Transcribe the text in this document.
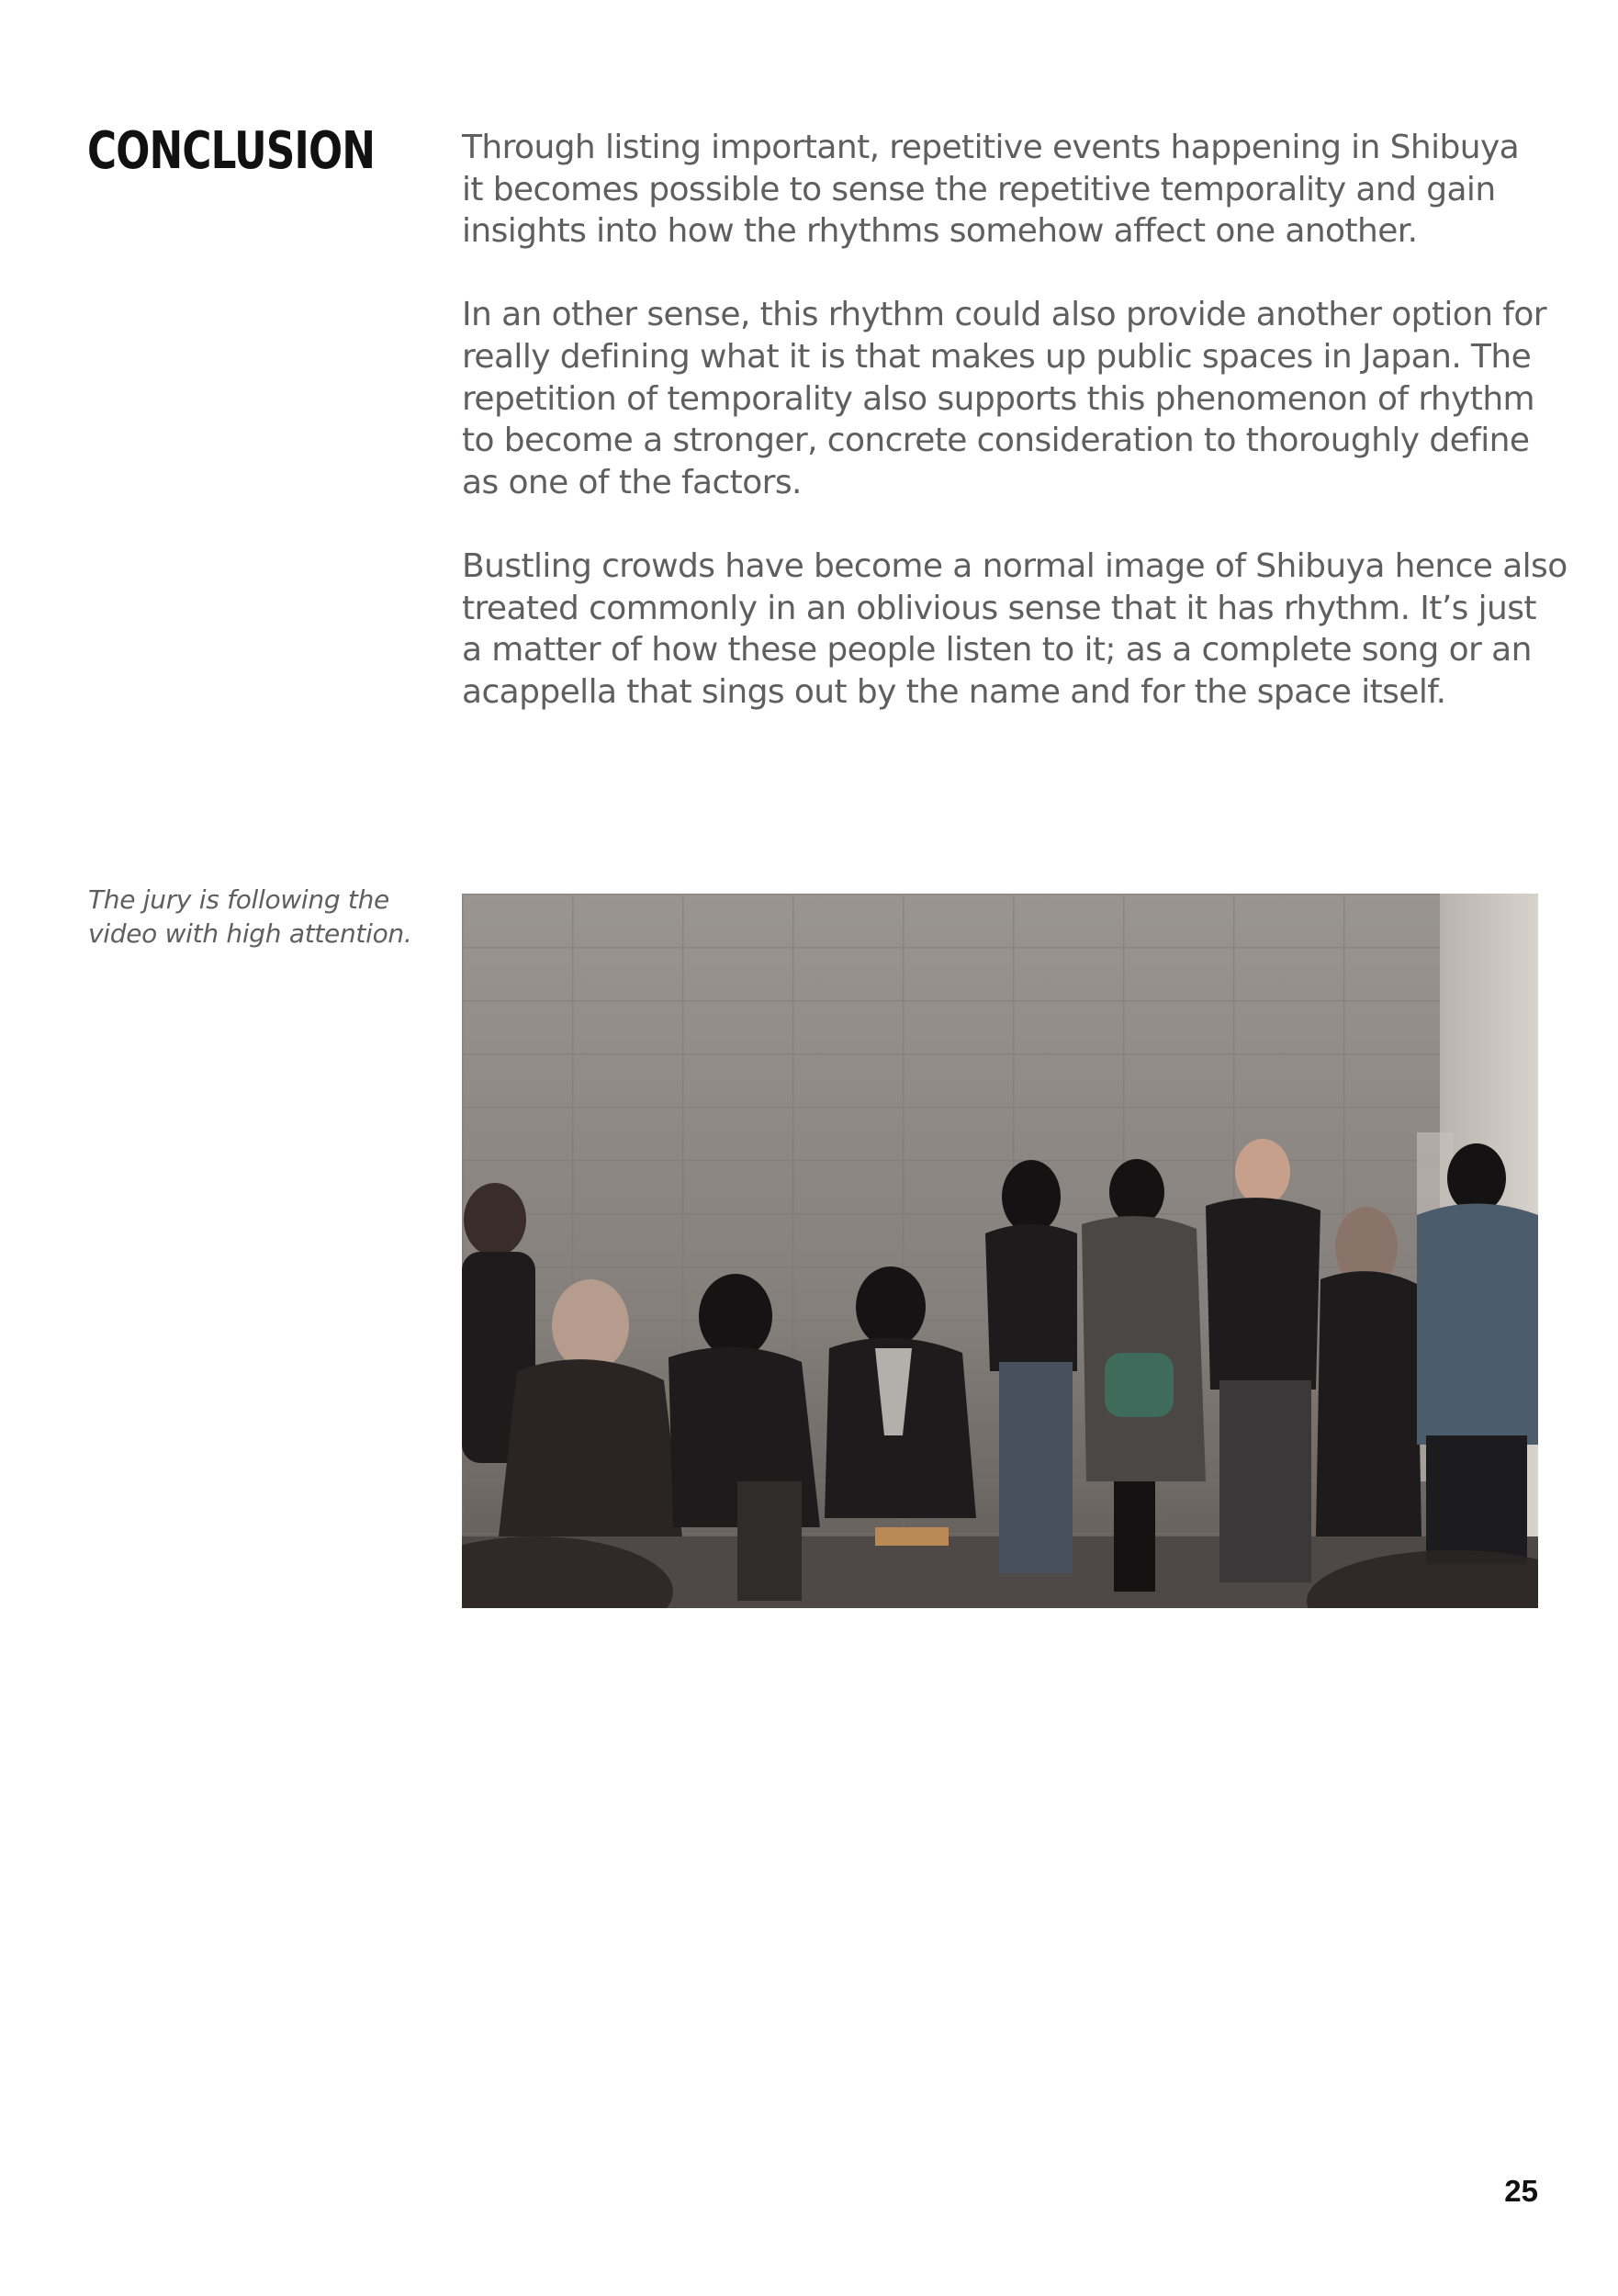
CONCLUSION	Through listing important, repetitive events happening in Shibuya
it becomes possible to sense the repetitive temporality and gain
insights into how the rhythms somehow affect one another.

In an other sense, this rhythm could also provide another option for
really defining what it is that makes up public spaces in Japan. The
repetition of temporality also supports this phenomenon of rhythm
to become a stronger, concrete consideration to thoroughly define
as one of the factors.

Bustling crowds have become a normal image of Shibuya hence also
treated commonly in an oblivious sense that it has rhythm. It’s just
a matter of how these people listen to it; as a complete song or an
acappella that sings out by the name and for the space itself.

The jury is following the
video with high attention.

25
